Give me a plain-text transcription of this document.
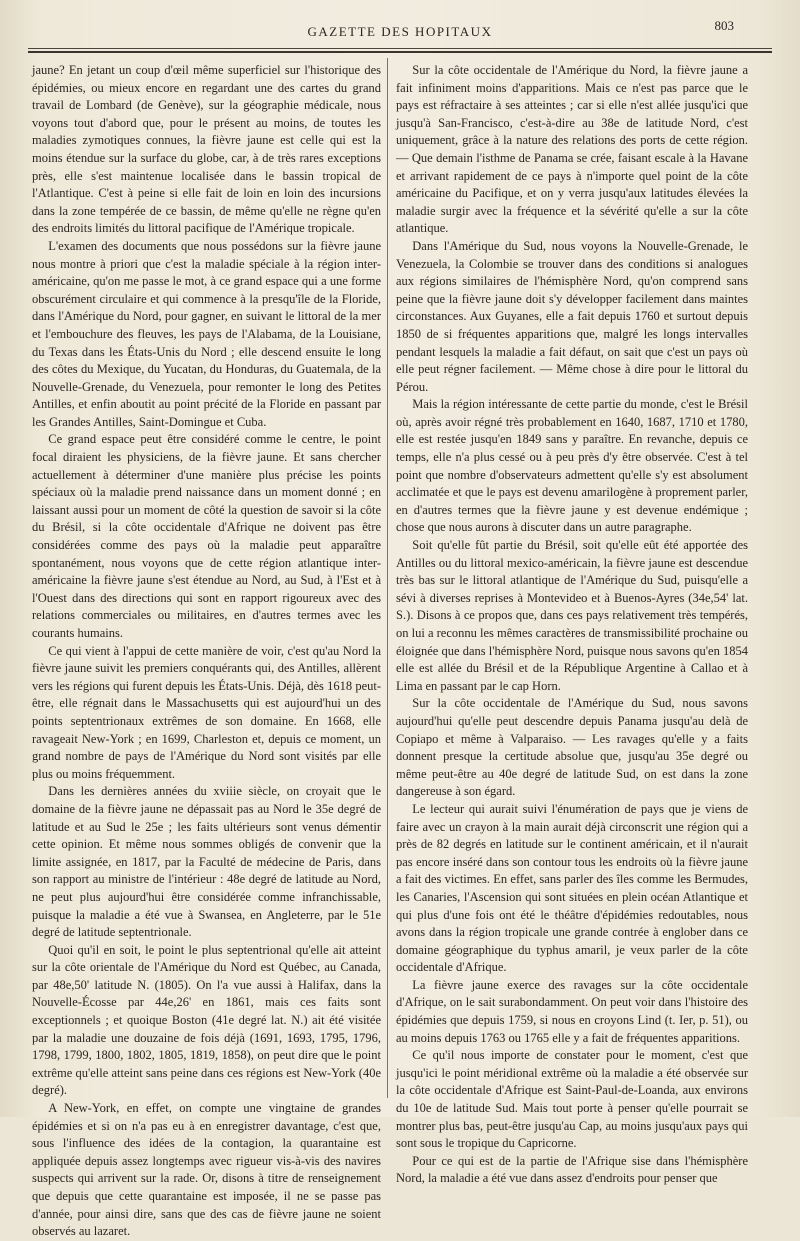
GAZETTE DES HOPITAUX	803

jaune? En jetant un coup d'œil même superficiel sur l'historique des épidémies, ou mieux encore en regardant une des cartes du grand travail de Lombard (de Genève), sur la géographie médicale, nous voyons tout d'abord que, pour le présent au moins, de toutes les maladies zymotiques connues, la fièvre jaune est celle qui est la moins étendue sur la surface du globe, car, à de très rares exceptions près, elle s'est maintenue localisée dans le bassin tropical de l'Atlantique. C'est à peine si elle fait de loin en loin des incursions dans la zone tempérée de ce bassin, de même qu'elle ne règne qu'en des endroits limités du littoral pacifique de l'Amérique tropicale.

L'examen des documents que nous possédons sur la fièvre jaune nous montre à priori que c'est la maladie spéciale à la région inter-américaine, qu'on me passe le mot, à ce grand espace qui a une forme obscurément circulaire et qui commence à la presqu'île de la Floride, dans l'Amérique du Nord, pour gagner, en suivant le littoral de la mer et l'embouchure des fleuves, les pays de l'Alabama, de la Louisiane, du Texas dans les États-Unis du Nord ; elle descend ensuite le long des côtes du Mexique, du Yucatan, du Honduras, du Guatemala, de la Nouvelle-Grenade, du Venezuela, pour remonter le long des Petites Antilles, et enfin aboutit au point précité de la Floride en passant par les Grandes Antilles, Saint-Domingue et Cuba.

Ce grand espace peut être considéré comme le centre, le point focal diraient les physiciens, de la fièvre jaune. Et sans chercher actuellement à déterminer d'une manière plus précise les points spéciaux où la maladie prend naissance dans un moment donné ; en laissant aussi pour un moment de côté la question de savoir si la côte du Brésil, si la côte occidentale d'Afrique ne doivent pas être considérées comme des pays où la maladie peut apparaître spontanément, nous voyons que de cette région atlantique inter-américaine la fièvre jaune s'est étendue au Nord, au Sud, à l'Est et à l'Ouest dans des directions qui sont en rapport rigoureux avec des relations commerciales ou militaires, en d'autres termes avec les courants humains.

Ce qui vient à l'appui de cette manière de voir, c'est qu'au Nord la fièvre jaune suivit les premiers conquérants qui, des Antilles, allèrent vers les régions qui furent depuis les États-Unis. Déjà, dès 1618 peut-être, elle régnait dans le Massachusetts qui est aujourd'hui un des points septentrionaux extrêmes de son domaine. En 1668, elle ravageait New-York ; en 1699, Charleston et, depuis ce moment, un grand nombre de pays de l'Amérique du Nord sont visités par elle plus ou moins fréquemment.

Dans les dernières années du xviiie siècle, on croyait que le domaine de la fièvre jaune ne dépassait pas au Nord le 35e degré de latitude et au Sud le 25e ; les faits ultérieurs sont venus démentir cette opinion. Et même nous sommes obligés de convenir que la limite assignée, en 1817, par la Faculté de médecine de Paris, dans son rapport au ministre de l'intérieur : 48e degré de latitude au Nord, ne peut plus aujourd'hui être considérée comme infranchissable, puisque la maladie a été vue à Swansea, en Angleterre, par le 51e degré de latitude septentrionale.

Quoi qu'il en soit, le point le plus septentrional qu'elle ait atteint sur la côte orientale de l'Amérique du Nord est Québec, au Canada, par 48e,50' latitude N. (1805). On l'a vue aussi à Halifax, dans la Nouvelle-Écosse par 44e,26' en 1861, mais ces faits sont exceptionnels ; et quoique Boston (41e degré lat. N.) ait été visitée par la maladie une douzaine de fois déjà (1691, 1693, 1795, 1796, 1798, 1799, 1800, 1802, 1805, 1819, 1858), on peut dire que le point extrême qu'elle atteint sans peine dans ces régions est New-York (40e degré).

A New-York, en effet, on compte une vingtaine de grandes épidémies et si on n'a pas eu à en enregistrer davantage, c'est que, sous l'influence des idées de la contagion, la quarantaine est appliquée depuis assez longtemps avec rigueur vis-à-vis des navires suspects qui arrivent sur la rade. Or, disons à titre de renseignement que depuis que cette quarantaine est imposée, il ne se passe pas d'année, pour ainsi dire, sans que des cas de fièvre jaune ne soient observés au lazaret.

Sur la côte occidentale de l'Amérique du Nord, la fièvre jaune a fait infiniment moins d'apparitions. Mais ce n'est pas parce que le pays est réfractaire à ses atteintes ; car si elle n'est allée jusqu'ici que jusqu'à San-Francisco, c'est-à-dire au 38e de latitude Nord, c'est uniquement, grâce à la nature des relations des ports de cette région. — Que demain l'isthme de Panama se crée, faisant escale à la Havane et arrivant rapidement de ce pays à n'importe quel point de la côte américaine du Pacifique, et on y verra jusqu'aux latitudes élevées la maladie surgir avec la fréquence et la sévérité qu'elle a sur la côte atlantique.

Dans l'Amérique du Sud, nous voyons la Nouvelle-Grenade, le Venezuela, la Colombie se trouver dans des conditions si analogues aux régions similaires de l'hémisphère Nord, qu'on comprend sans peine que la fièvre jaune doit s'y développer facilement dans maintes circonstances. Aux Guyanes, elle a fait depuis 1760 et surtout depuis 1850 de si fréquentes apparitions que, malgré les longs intervalles pendant lesquels la maladie a fait défaut, on sait que c'est un pays où elle peut régner facilement. — Même chose à dire pour le littoral du Pérou.

Mais la région intéressante de cette partie du monde, c'est le Brésil où, après avoir régné très probablement en 1640, 1687, 1710 et 1780, elle est restée jusqu'en 1849 sans y paraître. En revanche, depuis ce temps, elle n'a plus cessé ou à peu près d'y être observée. C'est à tel point que nombre d'observateurs admettent qu'elle s'y est absolument acclimatée et que le pays est devenu amarilogène à proprement parler, en d'autres termes que la fièvre jaune y est devenue endémique ; chose que nous aurons à discuter dans un autre paragraphe.

Soit qu'elle fût partie du Brésil, soit qu'elle eût été apportée des Antilles ou du littoral mexico-américain, la fièvre jaune est descendue très bas sur le littoral atlantique de l'Amérique du Sud, puisqu'elle a sévi à diverses reprises à Montevideo et à Buenos-Ayres (34e,54' lat. S.). Disons à ce propos que, dans ces pays relativement très tempérés, on lui a reconnu les mêmes caractères de transmissibilité prochaine ou éloignée que dans l'hémisphère Nord, puisque nous savons qu'en 1854 elle est allée du Brésil et de la République Argentine à Callao et à Lima en passant par le cap Horn.

Sur la côte occidentale de l'Amérique du Sud, nous savons aujourd'hui qu'elle peut descendre depuis Panama jusqu'au delà de Copiapo et même à Valparaiso. — Les ravages qu'elle y a faits donnent presque la certitude absolue que, jusqu'au 35e degré ou même peut-être au 40e degré de latitude Sud, on est dans la zone dangereuse à son égard.

Le lecteur qui aurait suivi l'énumération de pays que je viens de faire avec un crayon à la main aurait déjà circonscrit une région qui a près de 82 degrés en latitude sur le continent américain, et il n'aurait pas encore inséré dans son contour tous les endroits où la fièvre jaune a fait des victimes. En effet, sans parler des îles comme les Bermudes, les Canaries, l'Ascension qui sont situées en plein océan Atlantique et qui plus d'une fois ont été le théâtre d'épidémies redoutables, nous avons dans la région tropicale une grande contrée à englober dans ce domaine géographique du typhus amaril, je veux parler de la côte occidentale d'Afrique.

La fièvre jaune exerce des ravages sur la côte occidentale d'Afrique, on le sait surabondamment. On peut voir dans l'histoire des épidémies que depuis 1759, si nous en croyons Lind (t. Ier, p. 51), ou au moins depuis 1763 ou 1765 elle y a fait de fréquentes apparitions.

Ce qu'il nous importe de constater pour le moment, c'est que jusqu'ici le point méridional extrême où la maladie a été observée sur la côte occidentale d'Afrique est Saint-Paul-de-Loanda, aux environs du 10e de latitude Sud. Mais tout porte à penser qu'elle pourrait se montrer plus bas, peut-être jusqu'au Cap, au moins jusqu'aux pays qui sont sous le tropique du Capricorne.

Pour ce qui est de la partie de l'Afrique sise dans l'hémisphère Nord, la maladie a été vue dans assez d'endroits pour penser que
